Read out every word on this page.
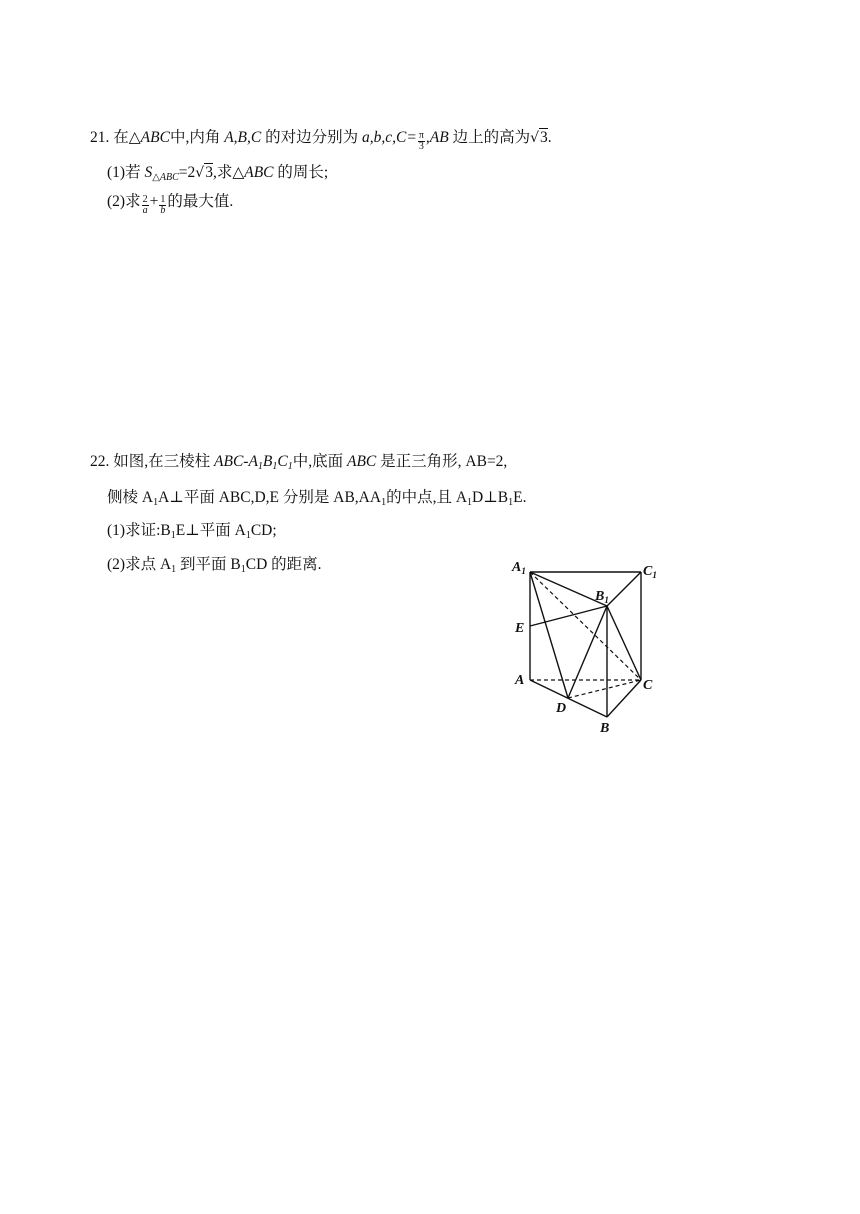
21. 在△ABC中,内角 A,B,C 的对边分别为 $a,b,c,C= \frac{\pi}{3} ,AB$ 边上的高为√3.
(1)若 $S_{\triangle ABC}=2√3$,求△ABC 的周长;
(2)求 $\frac{2}{a} + \frac{1}{b}$ 的最大值.
22. 如图,在三棱柱 ABC-$A_1B_1C_1$中,底面 ABC 是正三角形, AB=2,
侧棱 $A_1A\perp$平面 ABC,D,E 分别是 $AB,AA_1$的中点,且 $A_1D\perp B_1E$.
(1)求证$:B_1E\perp$平面 $A_1CD$;
(2)求点 $A_1$ 到平面 $B_1CD$ 的距离.	$A_1$	$C_1$
$B_1$
E
A	C
D
B
